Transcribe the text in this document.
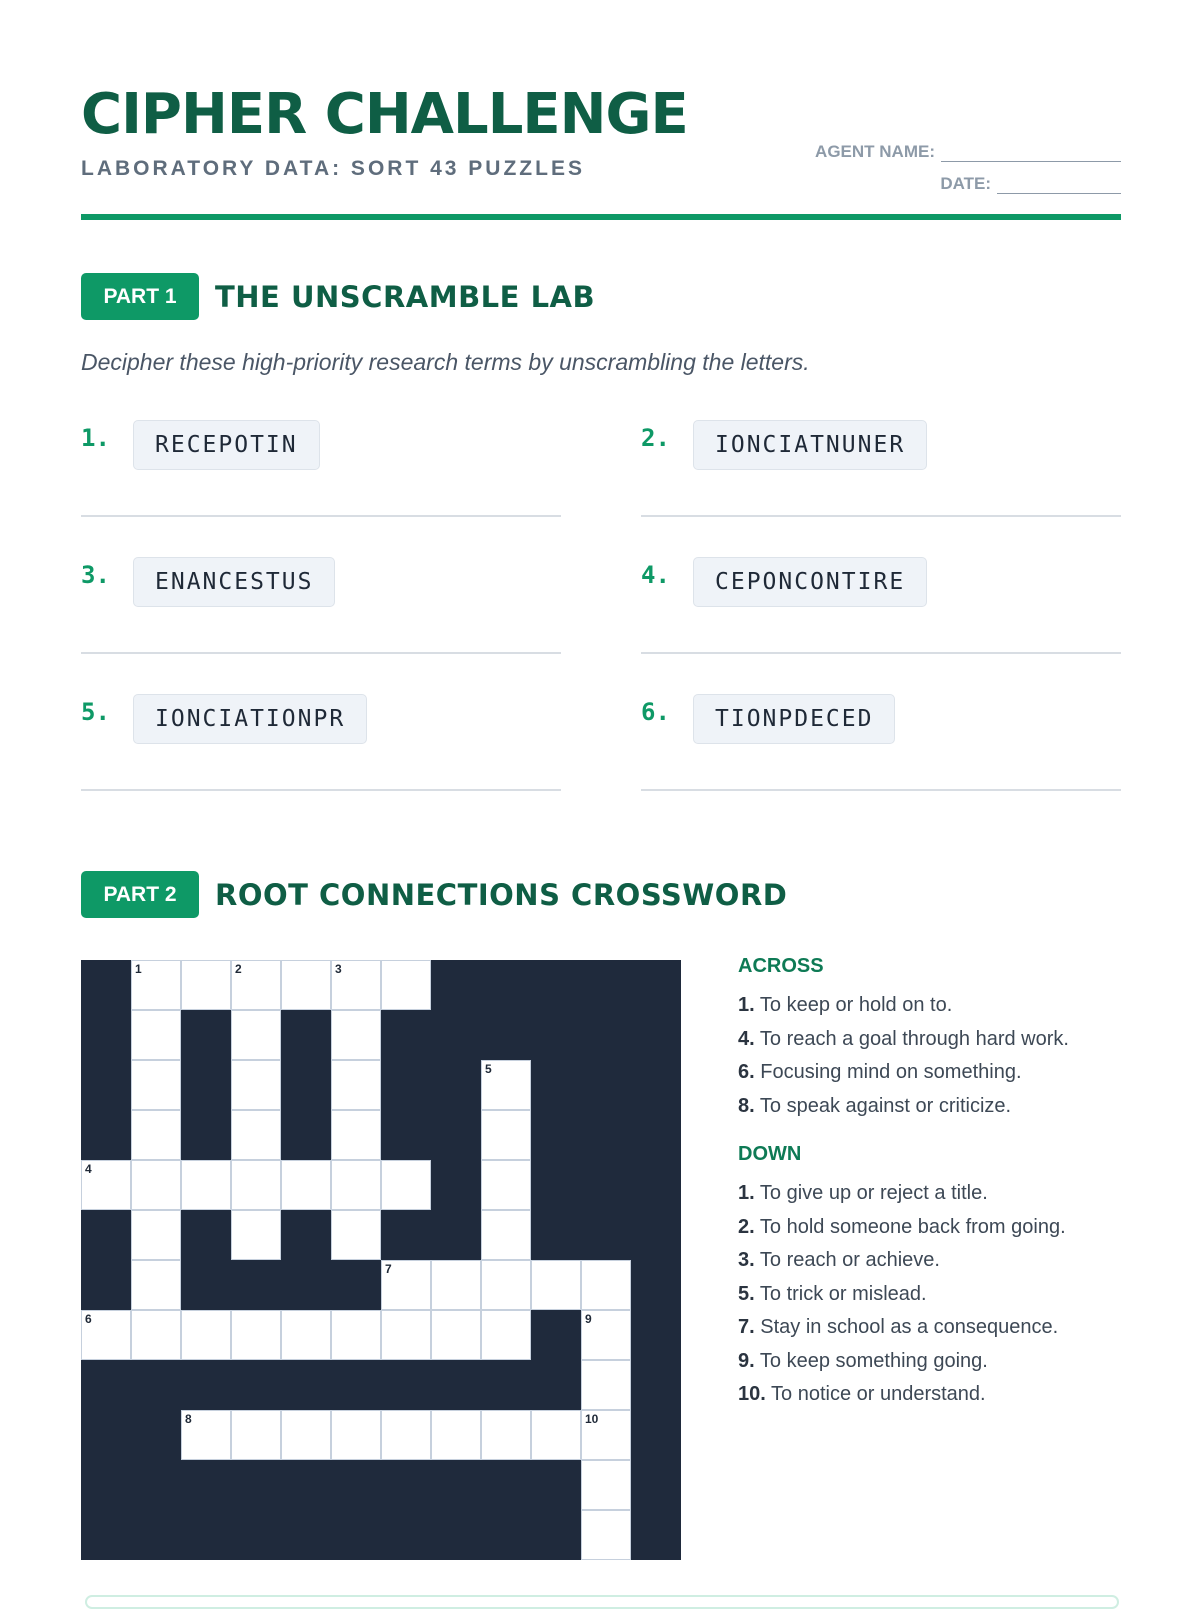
CIPHER CHALLENGE
LABORATORY DATA: SORT 43 PUZZLES
AGENT NAME:
DATE:
PART 1	THE UNSCRAMBLE LAB
Decipher these high-priority research terms by unscrambling the letters.
1.	RECEPOTIN	2.	IONCIATNUNER
3.	ENANCESTUS	4.	CEPONCONTIRE
5.	IONCIATIONPR	6.	TIONPDECED
PART 2	ROOT CONNECTIONS CROSSWORD
1	2	3
5
4
7
6	9
8	10
ACROSS
1. To keep or hold on to.
4. To reach a goal through hard work.
6. Focusing mind on something.
8. To speak against or criticize.
DOWN
1. To give up or reject a title.
2. To hold someone back from going.
3. To reach or achieve.
5. To trick or mislead.
7. Stay in school as a consequence.
9. To keep something going.
10. To notice or understand.
